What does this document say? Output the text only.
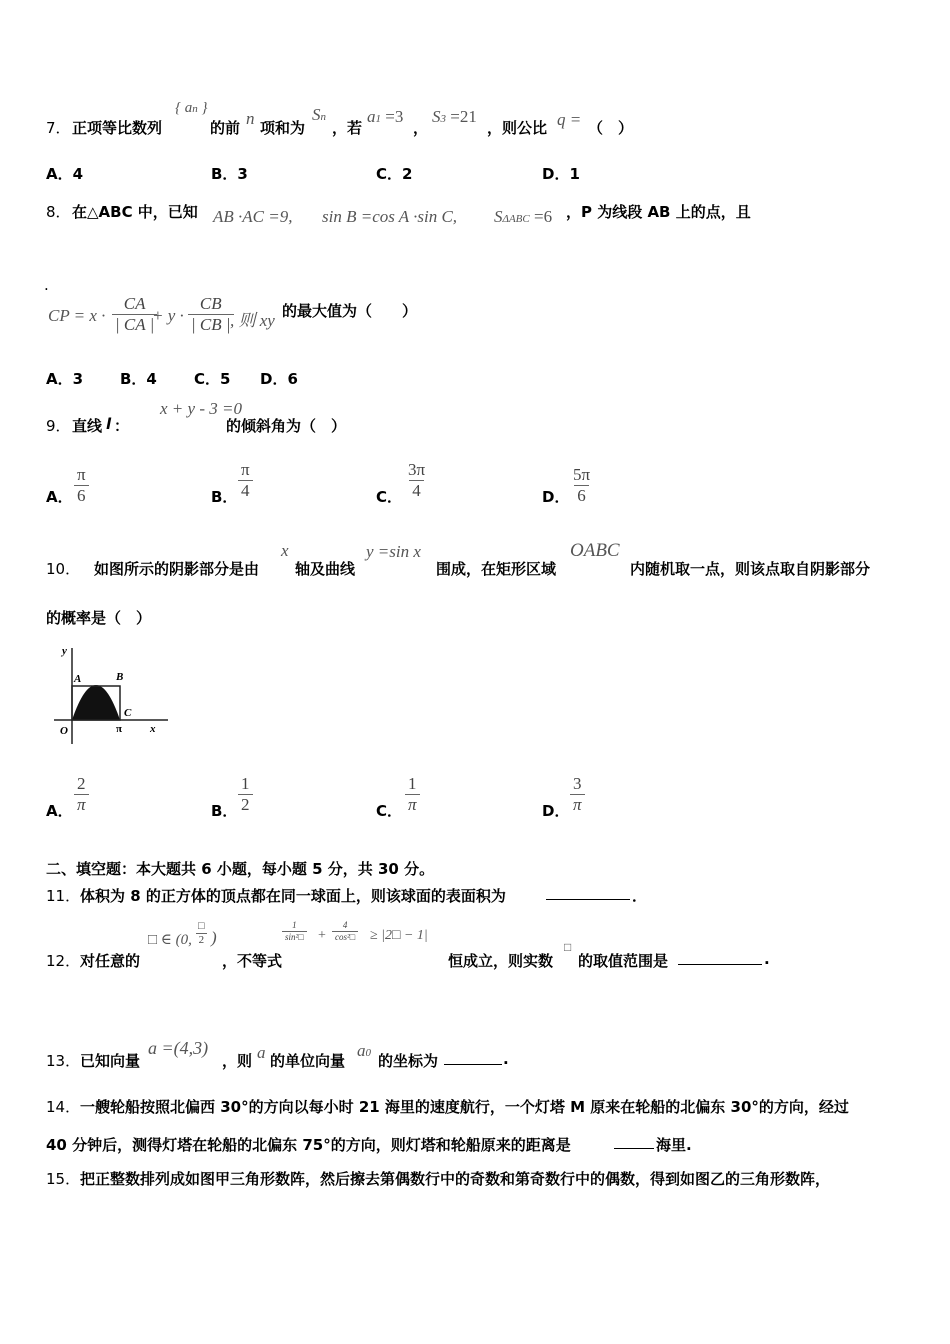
7． 正项等比数列
{ an }
的前 n 项和为
Sn
，若
a1 =3
，
S3 =21
，则公比 q = （　）
A．4	B．3	C．2	D．1
8． 在△ABC 中，已知 AB ·AC =9, sin B =cos A ·sin C, SΔABC =6 ，P 为线段 AB 上的点，且
.
CP = $x \cdot \frac{CA}{| CA |}$
+ $y \cdot \frac{CB}{| CB |}$
, 则 xy 的最大值为（　　）
A．3 B．4 C．5 D．6
9． 直线 l ：
x + y - 3 =0
的倾斜角为（　）
A． $\frac{\pi}{6}$	B． $\frac{\pi}{4}$	C． $\frac{3\pi}{4}$	D． $\frac{5\pi}{6}$
10． 如图所示的阴影部分是由
x
轴及曲线
y =sin x
围成，在矩形区域
OABC
内随机取一点，则该点取自阴影部分
的概率是（　）
y
A	B
C
O	π	x
A． $\frac{2}{\pi}$	B． $\frac{1}{2}$	C． $\frac{1}{\pi}$	D． $\frac{3}{\pi}$
二、填空题：本大题共 6 小题，每小题 5 分，共 30 分。
11． 体积为 8 的正方体的顶点都在同一球面上，则该球面的表面积为	．
12． 对任意的
□ ∈ (0,
□
2 )
，不等式
$\frac{1}{\text{sin²□}} + \frac{4}{\text{cos²□}}$ ≥ |2□ − 1|
恒成立，则实数
□
的取值范围是	.
13． 已知向量
a =(4,3)
，则 a 的单位向量
a0 的坐标为	.
14． 一艘轮船按照北偏西 30°的方向以每小时 21 海里的速度航行，一个灯塔 M 原来在轮船的北偏东 30°的方向，经过
40 分钟后，测得灯塔在轮船的北偏东 75°的方向，则灯塔和轮船原来的距离是	海里.
15． 把正整数排列成如图甲三角形数阵，然后擦去第偶数行中的奇数和第奇数行中的偶数，得到如图乙的三角形数阵，
